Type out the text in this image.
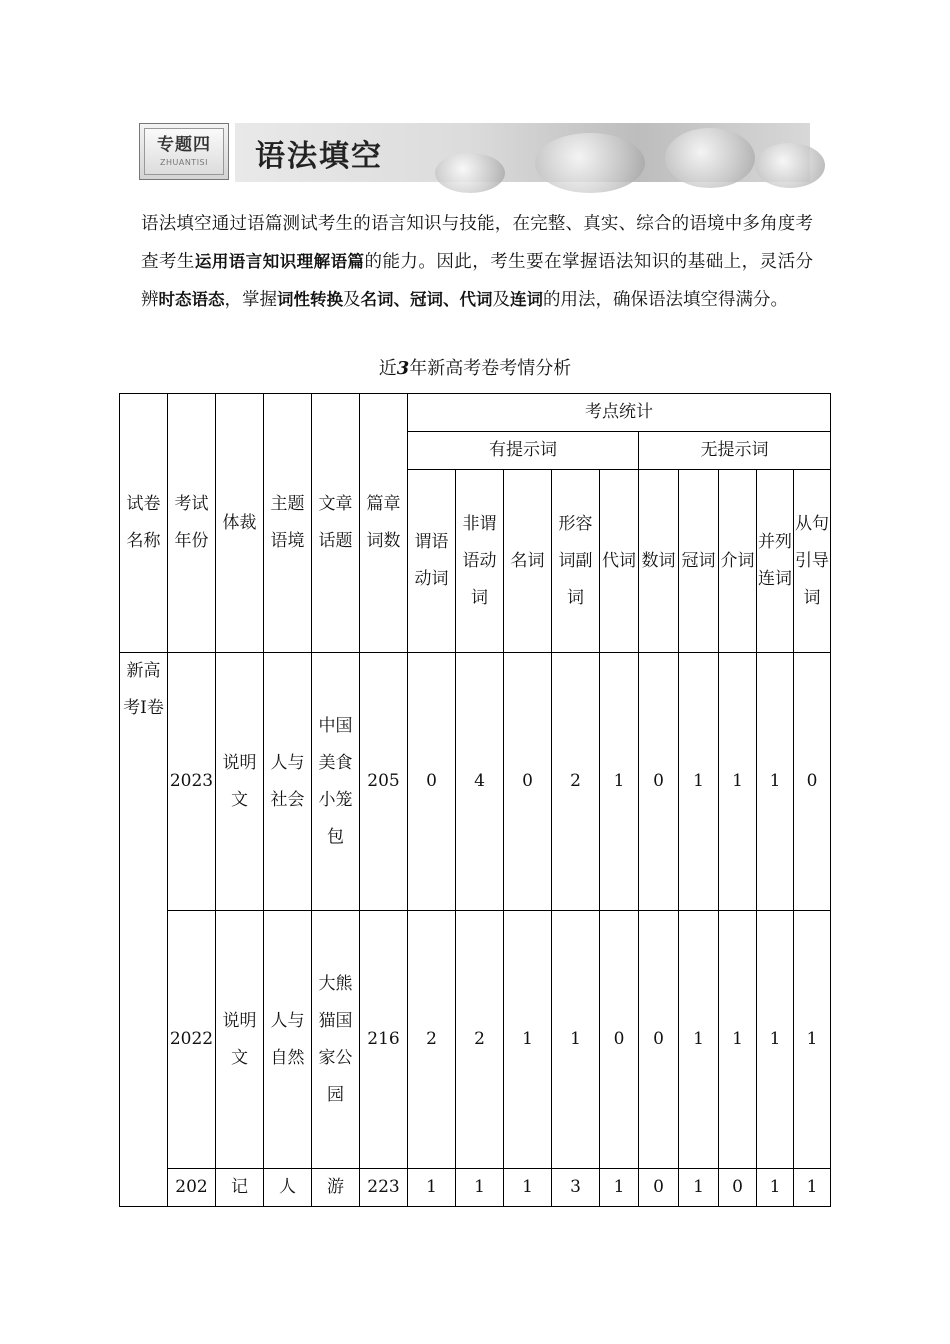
专题四
ZHUANTISI	语法填空
语法填空通过语篇测试考生的语言知识与技能，在完整、真实、综合的语境中多角度考查考生运用语言知识理解语篇的能力。因此，考生要在掌握语法知识的基础上，灵活分辨时态语态，掌握词性转换及名词、冠词、代词及连词的用法，确保语法填空得满分。
近3年新高考卷考情分析
试卷名称	考试年份	体裁	主题语境	文章话题	篇章词数	考点统计									
						有提示词					无提示词				
						谓语动词	非谓语动词	名词	形容词副词	代词	数词	冠词	介词	并列连词	从句引导词
新高考Ⅰ卷	2023	说明文	人与社会	中国美食小笼包	205	0	4	0	2	1	0	1	1	1	0
	2022	说明文	人与自然	大熊猫国家公园	216	2	2	1	1	0	0	1	1	1	1
	202	记	人	游	223	1	1	1	3	1	0	1	0	1	1
